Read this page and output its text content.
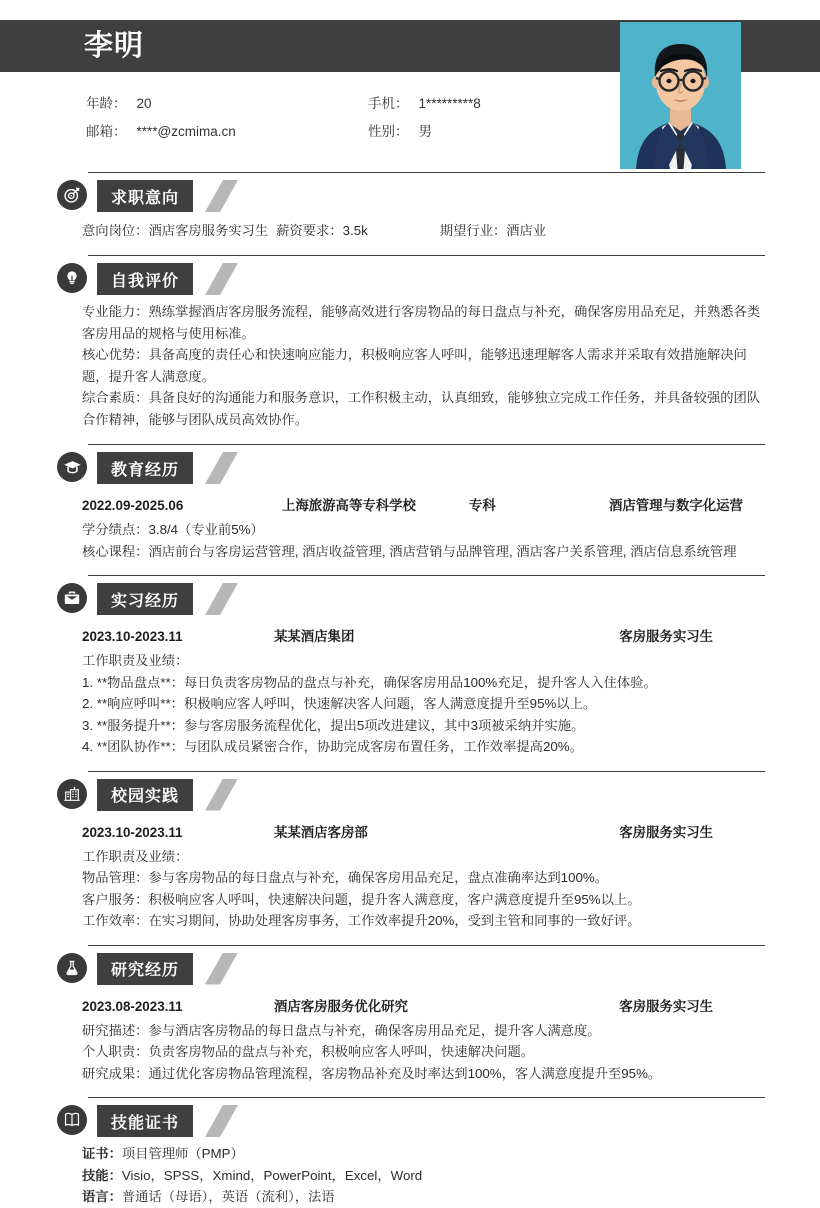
李明
年龄： 20	手机： 1*********8
邮箱： ****@zcmima.cn	性别： 男
求职意向
意向岗位：酒店客房服务实习生 薪资要求：3.5k	期望行业：酒店业
自我评价
专业能力：熟练掌握酒店客房服务流程，能够高效进行客房物品的每日盘点与补充，确保客房用品充足，并熟悉各类客房用品的规格与使用标准。
核心优势：具备高度的责任心和快速响应能力，积极响应客人呼叫，能够迅速理解客人需求并采取有效措施解决问题，提升客人满意度。
综合素质：具备良好的沟通能力和服务意识，工作积极主动，认真细致，能够独立完成工作任务，并具备较强的团队合作精神，能够与团队成员高效协作。
教育经历
2022.09-2025.06	上海旅游高等专科学校	专科	酒店管理与数字化运营
学分绩点：3.8/4（专业前5%）
核心课程：酒店前台与客房运营管理, 酒店收益管理, 酒店营销与品牌管理, 酒店客户关系管理, 酒店信息系统管理
实习经历
2023.10-2023.11	某某酒店集团	客房服务实习生
工作职责及业绩：
1. **物品盘点**：每日负责客房物品的盘点与补充，确保客房用品100%充足，提升客人入住体验。
2. **响应呼叫**：积极响应客人呼叫，快速解决客人问题，客人满意度提升至95%以上。
3. **服务提升**：参与客房服务流程优化，提出5项改进建议，其中3项被采纳并实施。
4. **团队协作**：与团队成员紧密合作，协助完成客房布置任务，工作效率提高20%。
校园实践
2023.10-2023.11	某某酒店客房部	客房服务实习生
工作职责及业绩：
物品管理：参与客房物品的每日盘点与补充，确保客房用品充足，盘点准确率达到100%。
客户服务：积极响应客人呼叫，快速解决问题，提升客人满意度，客户满意度提升至95%以上。
工作效率：在实习期间，协助处理客房事务，工作效率提升20%，受到主管和同事的一致好评。
研究经历
2023.08-2023.11	酒店客房服务优化研究	客房服务实习生
研究描述：参与酒店客房物品的每日盘点与补充，确保客房用品充足，提升客人满意度。
个人职责：负责客房物品的盘点与补充，积极响应客人呼叫，快速解决问题。
研究成果：通过优化客房物品管理流程，客房物品补充及时率达到100%，客人满意度提升至95%。
技能证书
证书：项目管理师（PMP）
技能：Visio，SPSS，Xmind，PowerPoint，Excel，Word
语言：普通话（母语），英语（流利），法语
